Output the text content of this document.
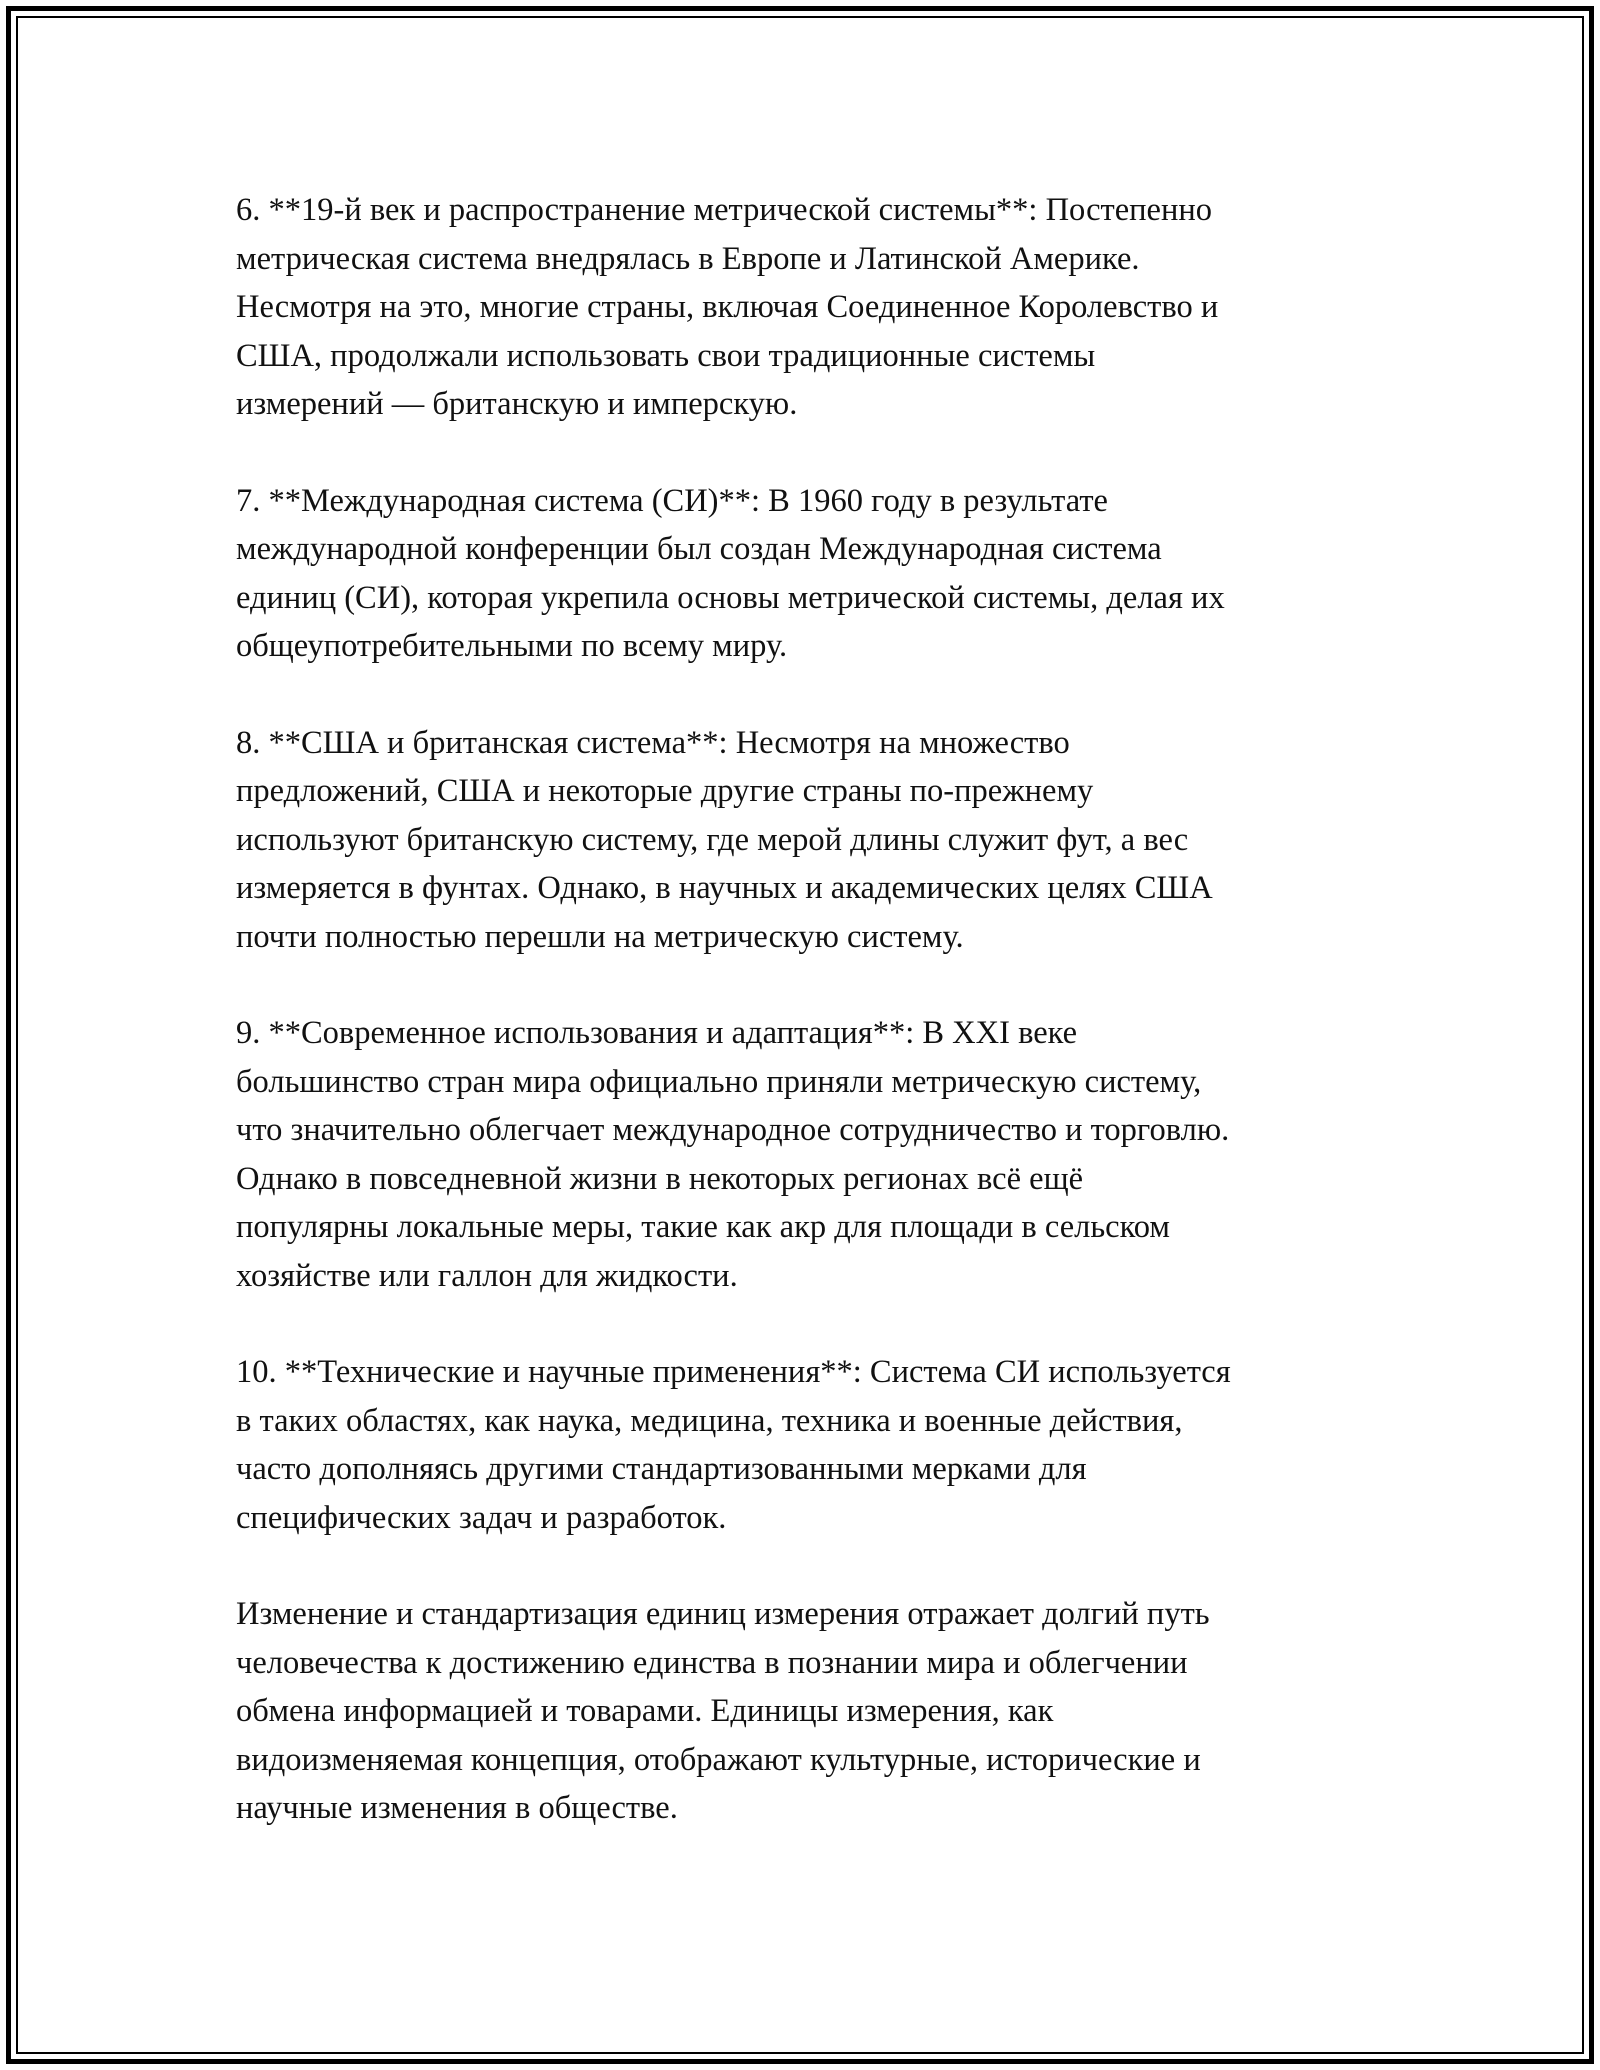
6. **19-й век и распространение метрической системы**: Постепенно
метрическая система внедрялась в Европе и Латинской Америке.
Несмотря на это, многие страны, включая Соединенное Королевство и
США, продолжали использовать свои традиционные системы
измерений — британскую и имперскую.

7. **Международная система (СИ)**: В 1960 году в результате
международной конференции был создан Международная система
единиц (СИ), которая укрепила основы метрической системы, делая их
общеупотребительными по всему миру.

8. **США и британская система**: Несмотря на множество
предложений, США и некоторые другие страны по-прежнему
используют британскую систему, где мерой длины служит фут, а вес
измеряется в фунтах. Однако, в научных и академических целях США
почти полностью перешли на метрическую систему.

9. **Современное использования и адаптация**: В XXI веке
большинство стран мира официально приняли метрическую систему,
что значительно облегчает международное сотрудничество и торговлю.
Однако в повседневной жизни в некоторых регионах всё ещё
популярны локальные меры, такие как акр для площади в сельском
хозяйстве или галлон для жидкости.

10. **Технические и научные применения**: Система СИ используется
в таких областях, как наука, медицина, техника и военные действия,
часто дополняясь другими стандартизованными мерками для
специфических задач и разработок.

Изменение и стандартизация единиц измерения отражает долгий путь
человечества к достижению единства в познании мира и облегчении
обмена информацией и товарами. Единицы измерения, как
видоизменяемая концепция, отображают культурные, исторические и
научные изменения в обществе.
